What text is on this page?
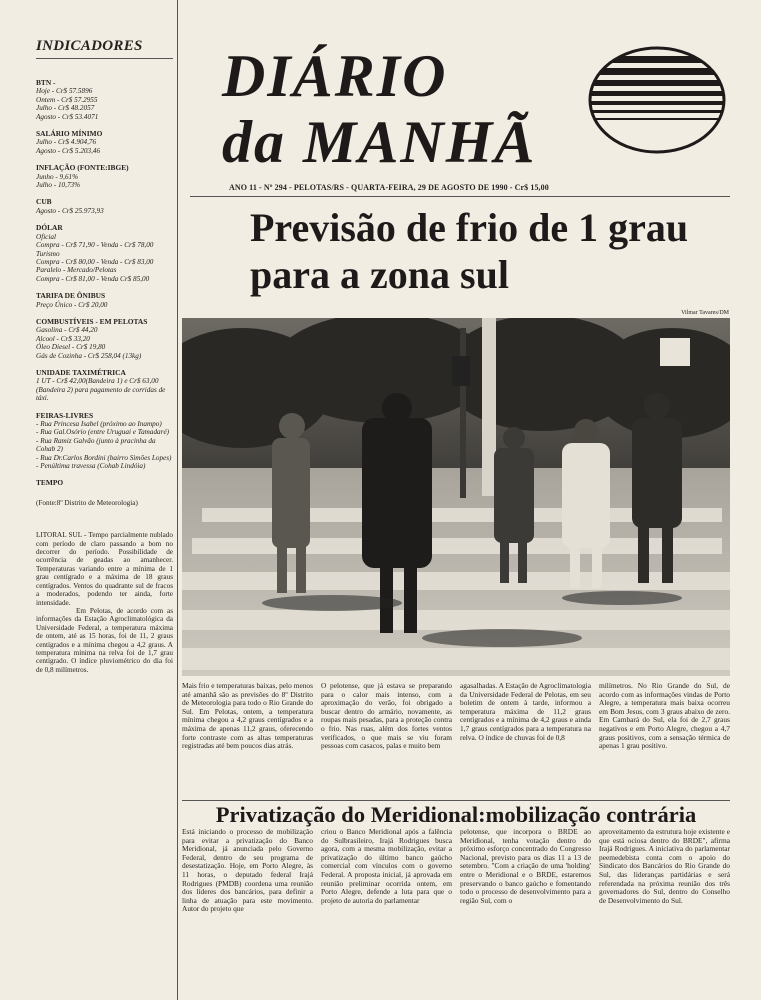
INDICADORES
BTN -
Hoje - Cr$ 57.5896
Ontem - Cr$ 57.2955
Julho - Cr$ 48.2057
Agosto - Cr$ 53.4071
SALÁRIO MÍNIMO
Julho - Cr$ 4.904,76
Agosto - Cr$ 5.203,46
INFLAÇÃO (FONTE:IBGE)
Junho - 9,61%
Julho - 10,73%
CUB
Agosto - Cr$ 25.973,93
DÓLAR
Oficial
Compra - Cr$ 71,90 - Venda - Cr$ 78,00
Turismo
Compra - Cr$ 80,00 - Venda - Cr$ 83,00
Paralelo - Mercado/Pelotas
Compra - Cr$ 81,00 - Venda Cr$ 85,00
TARIFA DE ÔNIBUS
Preço Único - Cr$ 20,00
COMBUSTÍVEIS - EM PELOTAS
Gasolina - Cr$ 44,20
Alcool - Cr$ 33,20
Óleo Diesel - Cr$ 19,80
Gás de Cozinha - Cr$ 258,04 (13kg)
UNIDADE TAXIMÉTRICA
1 UT - Cr$ 42,00(Bandeira 1) e Cr$ 63,00 (Bandeira 2) para pagamento de corridas de táxi.
FEIRAS-LIVRES
- Rua Princesa Isabel (próximo ao Inampo)
- Rua Gal.Osório (entre Uruguai e Tamadaré)
- Rua Ramiz Galvão (junto à pracinha da Cohab 2)
- Rua Dr.Carlos Bordini (bairro Simões Lopes)
- Penúltima travessa (Cohab Lindóia)
TEMPO
(Fonte:8º Distrito de Meteorologia)

LITORAL SUL - Tempo parcialmente nublado com período de claro passando a bom no decorrer do período. Possibilidade de ocorrência de geadas ao amanhecer. Temperaturas variando entre a mínima de 1 grau centígrado e a máxima de 18 graus centígrados. Ventos do quadrante sul de fracos a moderados, podendo ter ainda, forte intensidade.

Em Pelotas, de acordo com as informações da Estação Agroclimatológica da Universidade Federal, a temperatura máxima de ontem, até as 15 horas, foi de 11, 2 graus centígrados e a mínima chegou a 4,2 graus. A temperatura mínima na relva foi de 1,7 grau centígrado. O índice pluviométrico do dia foi de 0,8 milímetros.

DIÁRIO
da MANHÃ
ANO 11 - Nº 294 - PELOTAS/RS - QUARTA-FEIRA, 29 DE AGOSTO DE 1990 - Cr$ 15,00
Previsão de frio de 1 grau para a zona sul
Vilmar Tavares/DM
Mais frio e temperaturas baixas, pelo menos até amanhã são as previsões do 8º Distrito de Meteorologia para todo o Rio Grande do Sul. Em Pelotas, ontem, a temperatura mínima chegou a 4,2 graus centígrados e a máxima de apenas 11,2 graus, oferecendo forte contraste com as altas temperaturas registradas até bem poucos dias atrás.
O pelotense, que já estava se preparando para o calor mais intenso, com a aproximação do verão, foi obrigado a buscar dentro do armário, novamente, as roupas mais pesadas, para a proteção contra o frio. Nas ruas, além dos fortes ventos verificados, o que mais se viu foram pessoas com casacos, palas e muito bem
agasalhadas. A Estação de Agroclimatologia da Universidade Federal de Pelotas, em seu boletim de ontem à tarde, informou a temperatura máxima de 11,2 graus centígrados e a mínima de 4,2 graus e ainda 1,7 graus centígrados para a temperatura na relva. O índice de chuvas foi de 0,8
milímetros. No Rio Grande do Sul, de acordo com as informações vindas de Porto Alegre, a temperatura mais baixa ocorreu em Bom Jesus, com 3 graus abaixo de zero. Em Cambará do Sul, ela foi de 2,7 graus negativos e em Porto Alegre, chegou a 4,7 graus positivos, com a sensação térmica de apenas 1 grau positivo.
Privatização do Meridional:mobilização contrária
Está iniciando o processo de mobilização para evitar a privatização do Banco Meridional, já anunciada pelo Governo Federal, dentro de seu programa de desestatização. Hoje, em Porto Alegre, às 11 horas, o deputado federal Irajá Rodrigues (PMDB) coordena uma reunião dos líderes dos bancários, para definir a linha de atuação para este movimento. Autor do projeto que
criou o Banco Meridional após a falência do Sulbrasileiro, Irajá Rodrigues busca agora, com a mesma mobilização, evitar a privatização do último banco gaúcho comercial com vínculos com o governo Federal. A proposta inicial, já aprovada em reunião preliminar ocorrida ontem, em Porto Alegre, defende a luta para que o projeto de autoria do parlamentar
pelotense, que incorpora o BRDE ao Meridional, tenha votação dentro do próximo esforço concentrado do Congresso Nacional, previsto para os dias 11 a 13 de setembro. "Com a criação de uma 'holding' entre o Meridional e o BRDE, estaremos preservando o banco gaúcho e fomentando todo o processo de desenvolvimento para a região Sul, com o
aproveitamento da estrutura hoje existente e que está ociosa dentro do BRDE", afirma Irajá Rodrigues. A iniciativa do parlamentar peemedebista conta com o apoio do Sindicato dos Bancários do Rio Grande do Sul, das lideranças partidárias e será referendada na próxima reunião dos três governadores do Sul, dentro do Conselho de Desenvolvimento do Sul.
